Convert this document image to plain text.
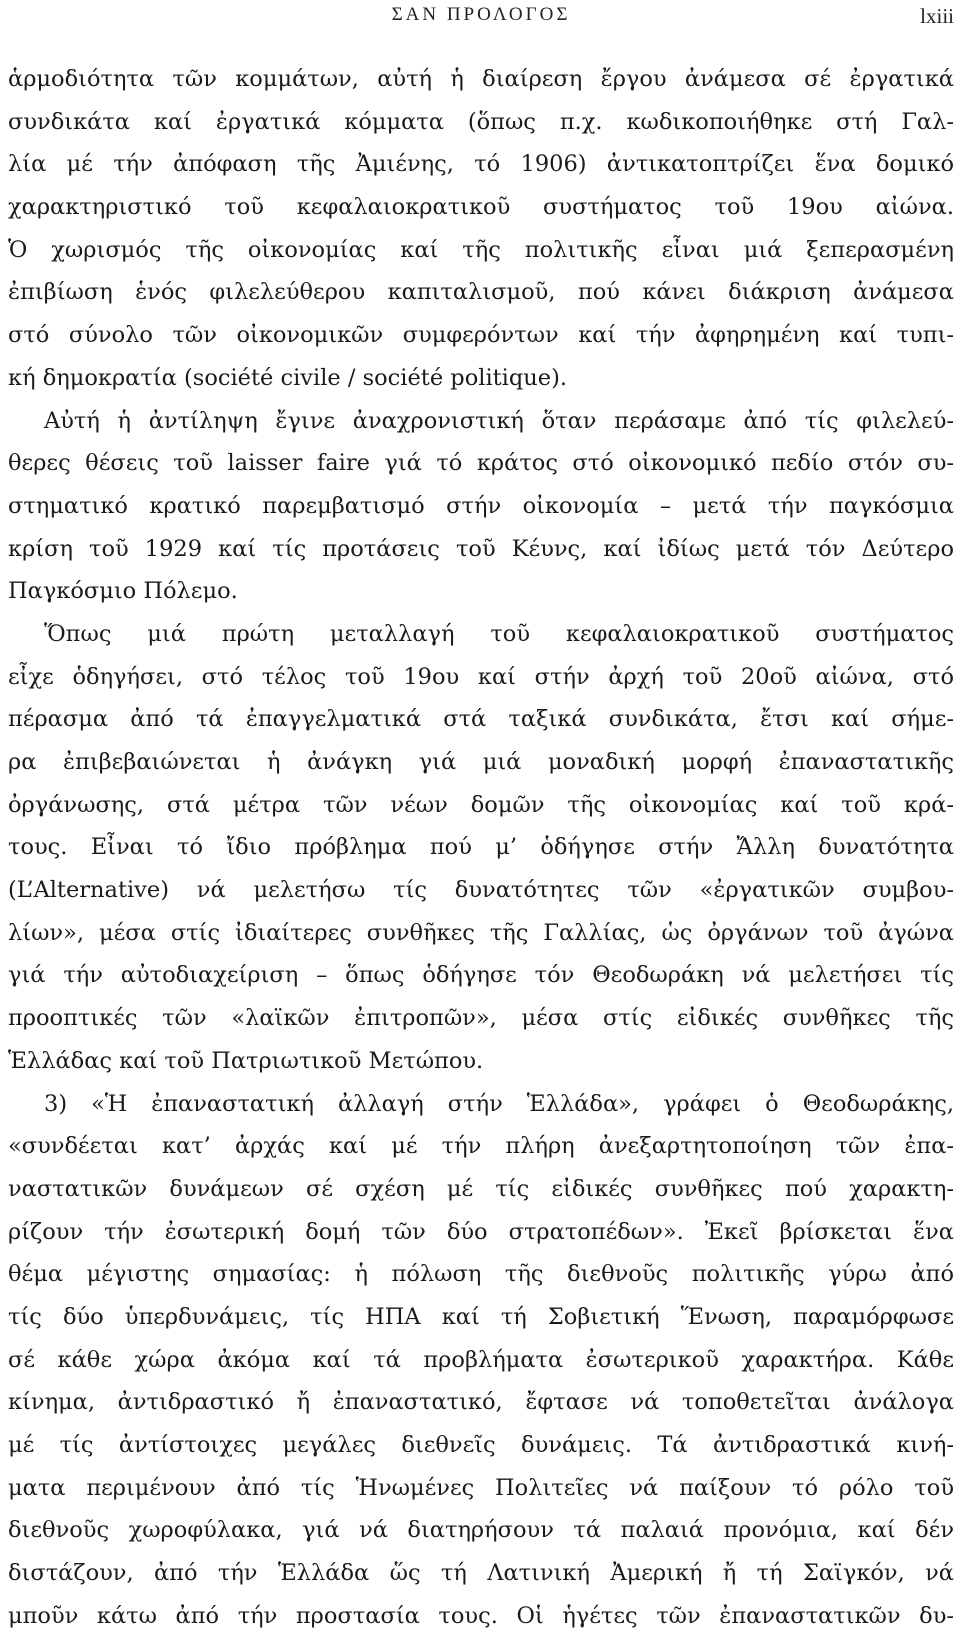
ΣΑΝ ΠΡΟΛΟΓΟΣ	lxiii
ἁρμοδιότητα τῶν κομμάτων, αὐτή ἡ διαίρεση ἔργου ἀνάμεσα σέ ἐργατικά
συνδικάτα καί ἐργατικά κόμματα (ὅπως π.χ. κωδικοποιήθηκε στή Γαλ-
λία μέ τήν ἀπόφαση τῆς Ἀμιένης, τό 1906) ἀντικατοπτρίζει ἕνα δομικό
χαρακτηριστικό τοῦ κεφαλαιοκρατικοῦ συστήματος τοῦ 19ου αἰώνα.
Ὁ χωρισμός τῆς οἰκονομίας καί τῆς πολιτικῆς εἶναι μιά ξεπερασμένη
ἐπιβίωση ἑνός φιλελεύθερου καπιταλισμοῦ, πού κάνει διάκριση ἀνάμεσα
στό σύνολο τῶν οἰκονομικῶν συμφερόντων καί τήν ἀφηρημένη καί τυπι-
κή δημοκρατία (société civile / société politique).
Αὐτή ἡ ἀντίληψη ἔγινε ἀναχρονιστική ὅταν περάσαμε ἀπό τίς φιλελεύ-
θερες θέσεις τοῦ laisser faire γιά τό κράτος στό οἰκονομικό πεδίο στόν συ-
στηματικό κρατικό παρεμβατισμό στήν οἰκονομία – μετά τήν παγκόσμια
κρίση τοῦ 1929 καί τίς προτάσεις τοῦ Κέυνς, καί ἰδίως μετά τόν Δεύτερο
Παγκόσμιο Πόλεμο.
Ὅπως μιά πρώτη μεταλλαγή τοῦ κεφαλαιοκρατικοῦ συστήματος
εἶχε ὁδηγήσει, στό τέλος τοῦ 19ου καί στήν ἀρχή τοῦ 20οῦ αἰώνα, στό
πέρασμα ἀπό τά ἐπαγγελματικά στά ταξικά συνδικάτα, ἔτσι καί σήμε-
ρα ἐπιβεβαιώνεται ἡ ἀνάγκη γιά μιά μοναδική μορφή ἐπαναστατικῆς
ὀργάνωσης, στά μέτρα τῶν νέων δομῶν τῆς οἰκονομίας καί τοῦ κρά-
τους. Εἶναι τό ἴδιο πρόβλημα πού μ’ ὁδήγησε στήν Ἄλλη δυνατότητα
(L’Alternative) νά μελετήσω τίς δυνατότητες τῶν «ἐργατικῶν συμβου-
λίων», μέσα στίς ἰδιαίτερες συνθῆκες τῆς Γαλλίας, ὡς ὀργάνων τοῦ ἀγώνα
γιά τήν αὐτοδιαχείριση – ὅπως ὁδήγησε τόν Θεοδωράκη νά μελετήσει τίς
προοπτικές τῶν «λαϊκῶν ἐπιτροπῶν», μέσα στίς εἰδικές συνθῆκες τῆς
Ἑλλάδας καί τοῦ Πατριωτικοῦ Μετώπου.
3) «Ἡ ἐπαναστατική ἀλλαγή στήν Ἑλλάδα», γράφει ὁ Θεοδωράκης,
«συνδέεται κατ’ ἀρχάς καί μέ τήν πλήρη ἀνεξαρτητοποίηση τῶν ἐπα-
ναστατικῶν δυνάμεων σέ σχέση μέ τίς εἰδικές συνθῆκες πού χαρακτη-
ρίζουν τήν ἐσωτερική δομή τῶν δύο στρατοπέδων». Ἐκεῖ βρίσκεται ἕνα
θέμα μέγιστης σημασίας: ἡ πόλωση τῆς διεθνοῦς πολιτικῆς γύρω ἀπό
τίς δύο ὑπερδυνάμεις, τίς ΗΠΑ καί τή Σοβιετική Ἕνωση, παραμόρφωσε
σέ κάθε χώρα ἀκόμα καί τά προβλήματα ἐσωτερικοῦ χαρακτήρα. Κάθε
κίνημα, ἀντιδραστικό ἤ ἐπαναστατικό, ἔφτασε νά τοποθετεῖται ἀνάλογα
μέ τίς ἀντίστοιχες μεγάλες διεθνεῖς δυνάμεις. Τά ἀντιδραστικά κινή-
ματα περιμένουν ἀπό τίς Ἡνωμένες Πολιτεῖες νά παίξουν τό ρόλο τοῦ
διεθνοῦς χωροφύλακα, γιά νά διατηρήσουν τά παλαιά προνόμια, καί δέν
διστάζουν, ἀπό τήν Ἑλλάδα ὥς τή Λατινική Ἀμερική ἤ τή Σαϊγκόν, νά
μποῦν κάτω ἀπό τήν προστασία τους. Οἱ ἡγέτες τῶν ἐπαναστατικῶν δυ-
